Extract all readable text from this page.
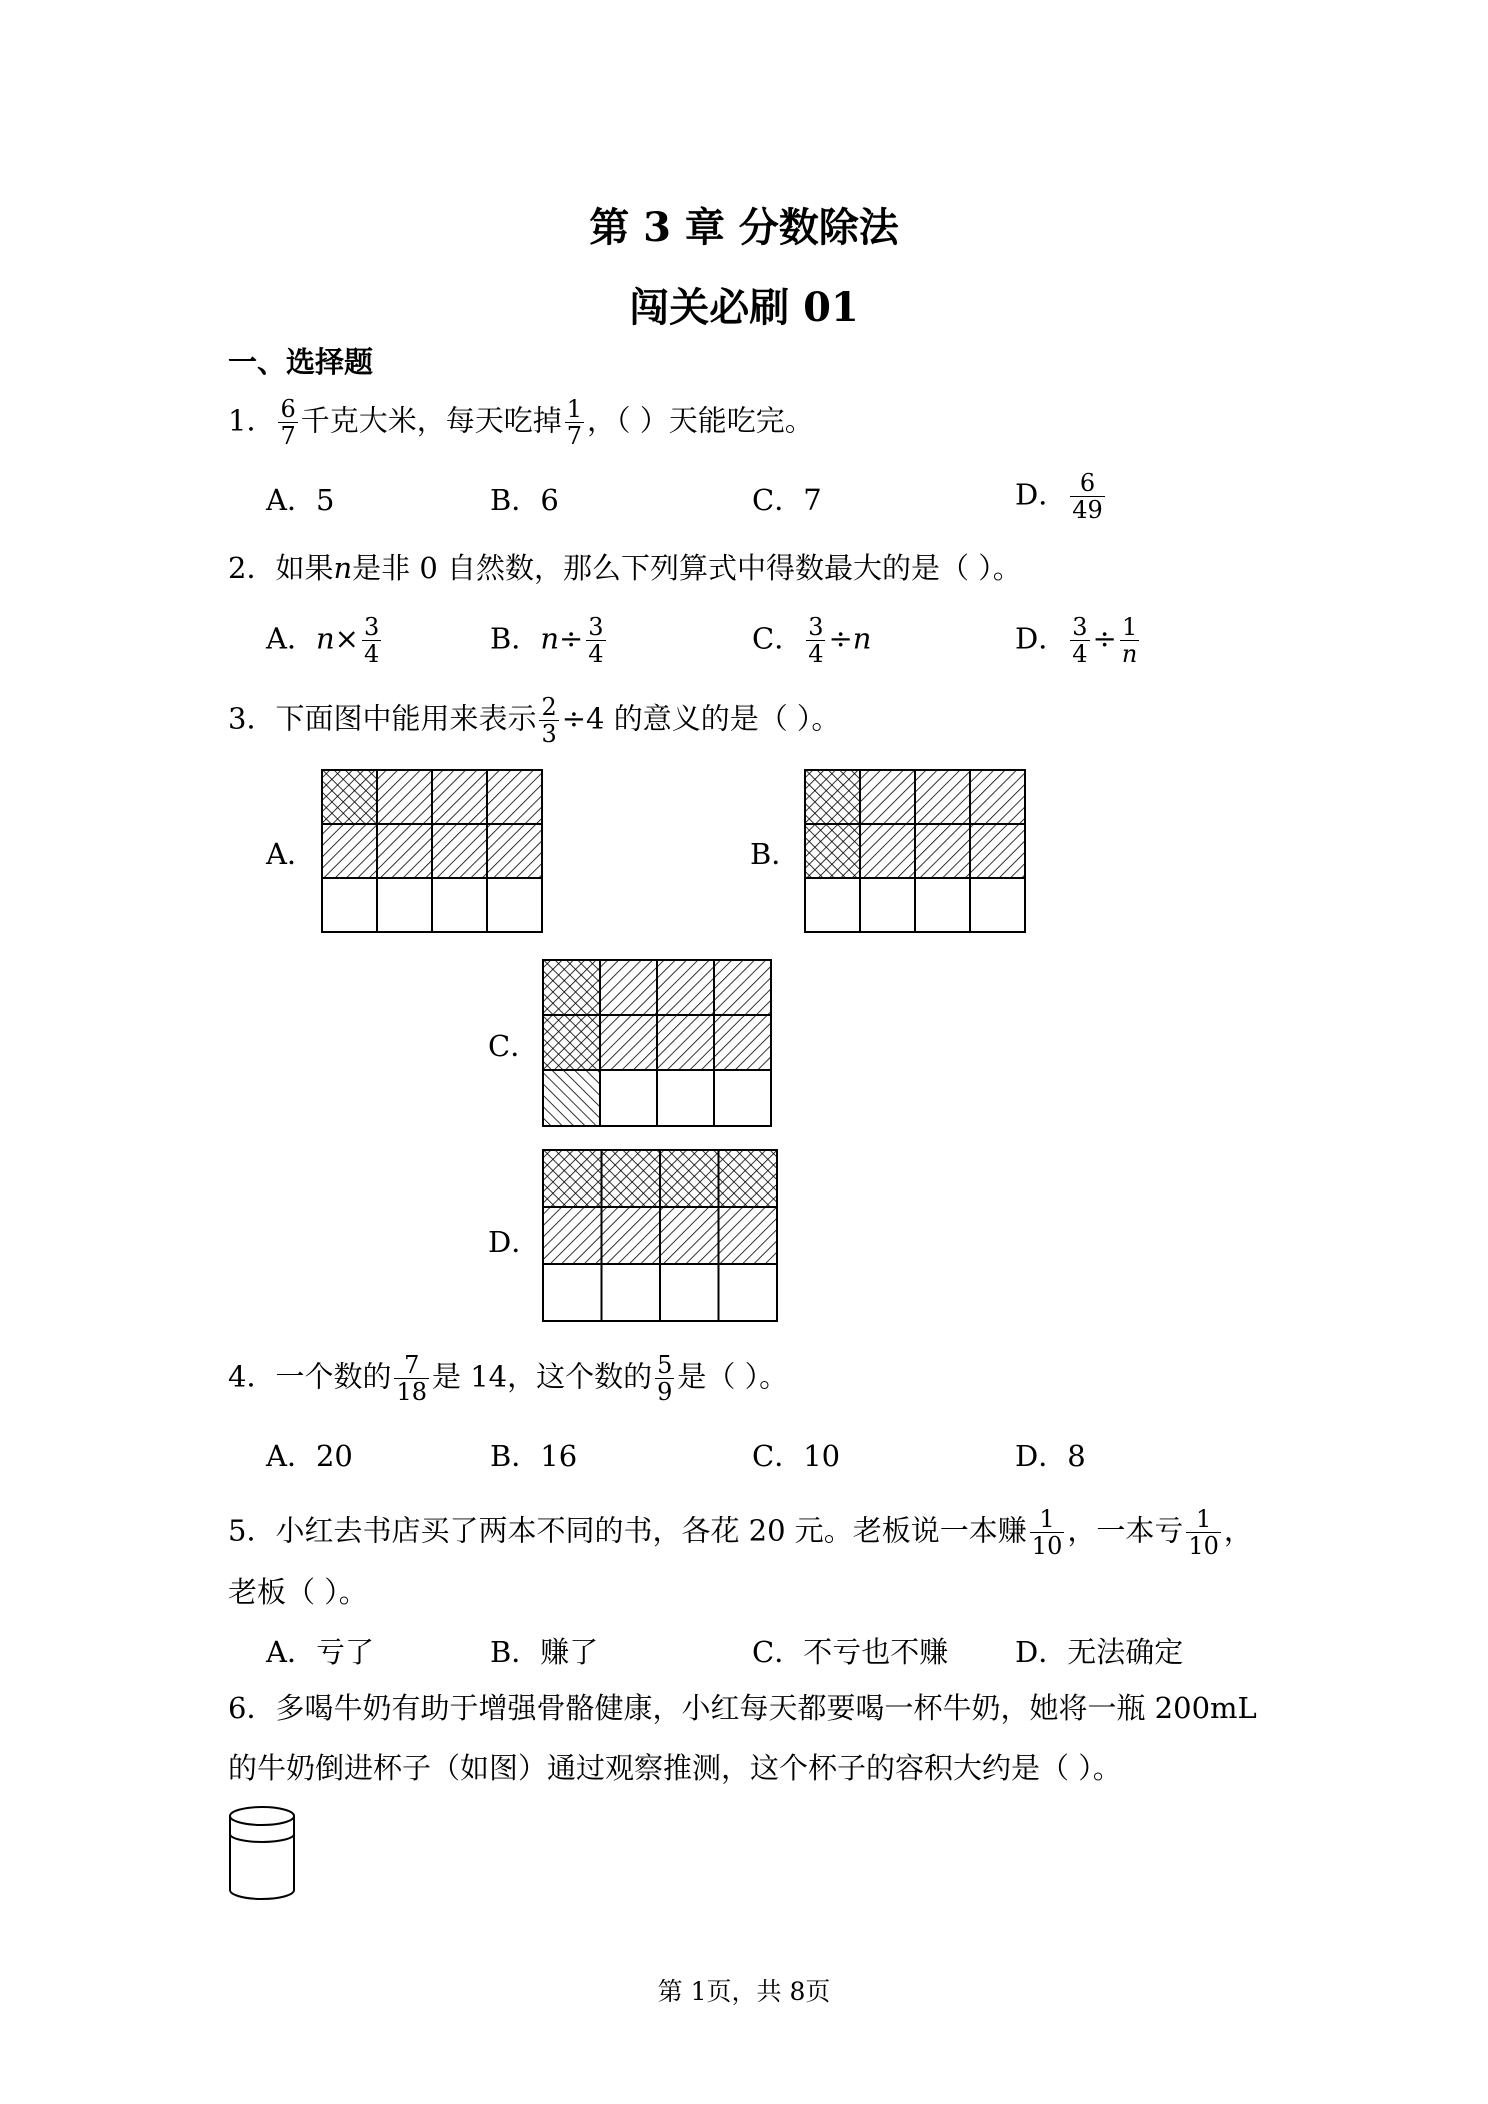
第 3 章 分数除法
闯关必刷 01
一、选择题
1． $\frac{6}{7}$ 千克大米，每天吃掉 $\frac{1}{7}$ ，（ ）天能吃完。
A．5	B．6	C．7	D． $\frac{6}{49}$
2．如果n是非 0 自然数，那么下列算式中得数最大的是（ ）。
A．$n\times \frac{3}{4}$	B．$n\div \frac{3}{4}$	C． $\frac{3}{4} \div n$	D． $\frac{3}{4} \div \frac{1}{n}$
3．下面图中能用来表示 $\frac{2}{3} \div 4$ 的意义的是（ ）。
A．	B．
C．
D．
4．一个数的 $\frac{7}{18}$ 是 14，这个数的 $\frac{5}{9}$ 是（ ）。
A．20	B．16	C．10	D．8
5．小红去书店买了两本不同的书，各花 20 元。老板说一本赚 $\frac{1}{10}$ ，一本亏 $\frac{1}{10}$ ，
老板（ ）。
A．亏了	B．赚了	C．不亏也不赚 D．无法确定
6．多喝牛奶有助于增强骨骼健康，小红每天都要喝一杯牛奶，她将一瓶 200mL
的牛奶倒进杯子（如图）通过观察推测，这个杯子的容积大约是（ ）。
第 1页，共 8页
